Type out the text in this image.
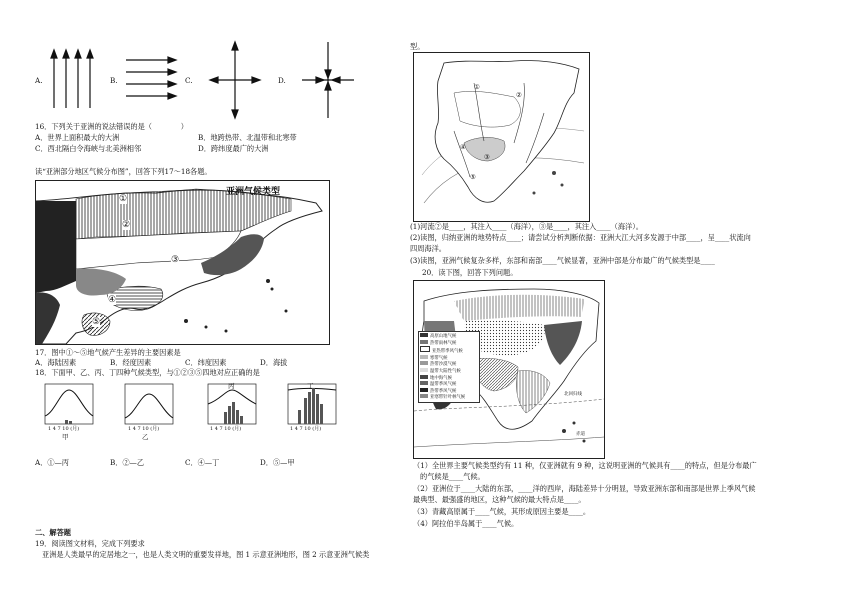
A.	B.	C.	D.
16．下列关于亚洲的说法错误的是（　　　　）
A．世界上面积最大的大洲	B．地跨热带、北温带和北寒带
C．西北隔白令海峡与北美洲相邻	D．跨纬度最广的大洲
读“亚洲部分地区气候分布图”，回答下列17～18各题。
亚洲气候类型
①
②
③
④
⑤
17．图中①～⑤地气候产生差异的主要因素是
A．海陆因素	B．经度因素	C．纬度因素	D．海拔
18．下面甲、乙、丙、丁四种气候类型，与①②③⑤四地对应正确的是
1 4 7 10 (月)
甲
1 4 7 10 (月)
乙
丙
1 4 7 10 (月)
丁
1 4 7 10 (月)
A．①—丙	B．②—乙	C．④—丁	D．⑤—甲
二、解答题
19．阅读图文材料，完成下列要求
亚洲是人类最早的定居地之一，也是人类文明的重要发祥地，图 1 示意亚洲地形，图 2 示意亚洲气候类
型。
①
②
③
④
⑤
(1)河流②是____，其注入____（海洋），③是____，其注入____（海洋）。
(2)读图，归纳亚洲的地势特点____；请尝试分析判断依据：亚洲大江大河多发源于中部____，呈____状流向
四周海洋。
(3)读图，亚洲气候复杂多样，东部和南部____气候显著，亚洲中部是分布最广的气候类型是____
20．读下图，回答下列问题。
高原山地气候
热带雨林气候
亚热带季风气候
寒带气候
热带沙漠气候
温带大陆性气候
地中海气候
温带季风气候
热带季风气候
亚寒带针叶林气候
北回归线
赤道
（1）全世界主要气候类型约有 11 种，仅亚洲就有 9 种，这说明亚洲的气候具有____的特点，但是分布最广
的气候是____气候。
（2）亚洲位于____大陆的东部，____洋的西岸，海陆差异十分明显，导致亚洲东部和南部是世界上季风气候
最典型、最强盛的地区，这种气候的最大特点是____。
（3）青藏高原属于____气候，其形成原因主要是____。
（4）阿拉伯半岛属于____气候。
